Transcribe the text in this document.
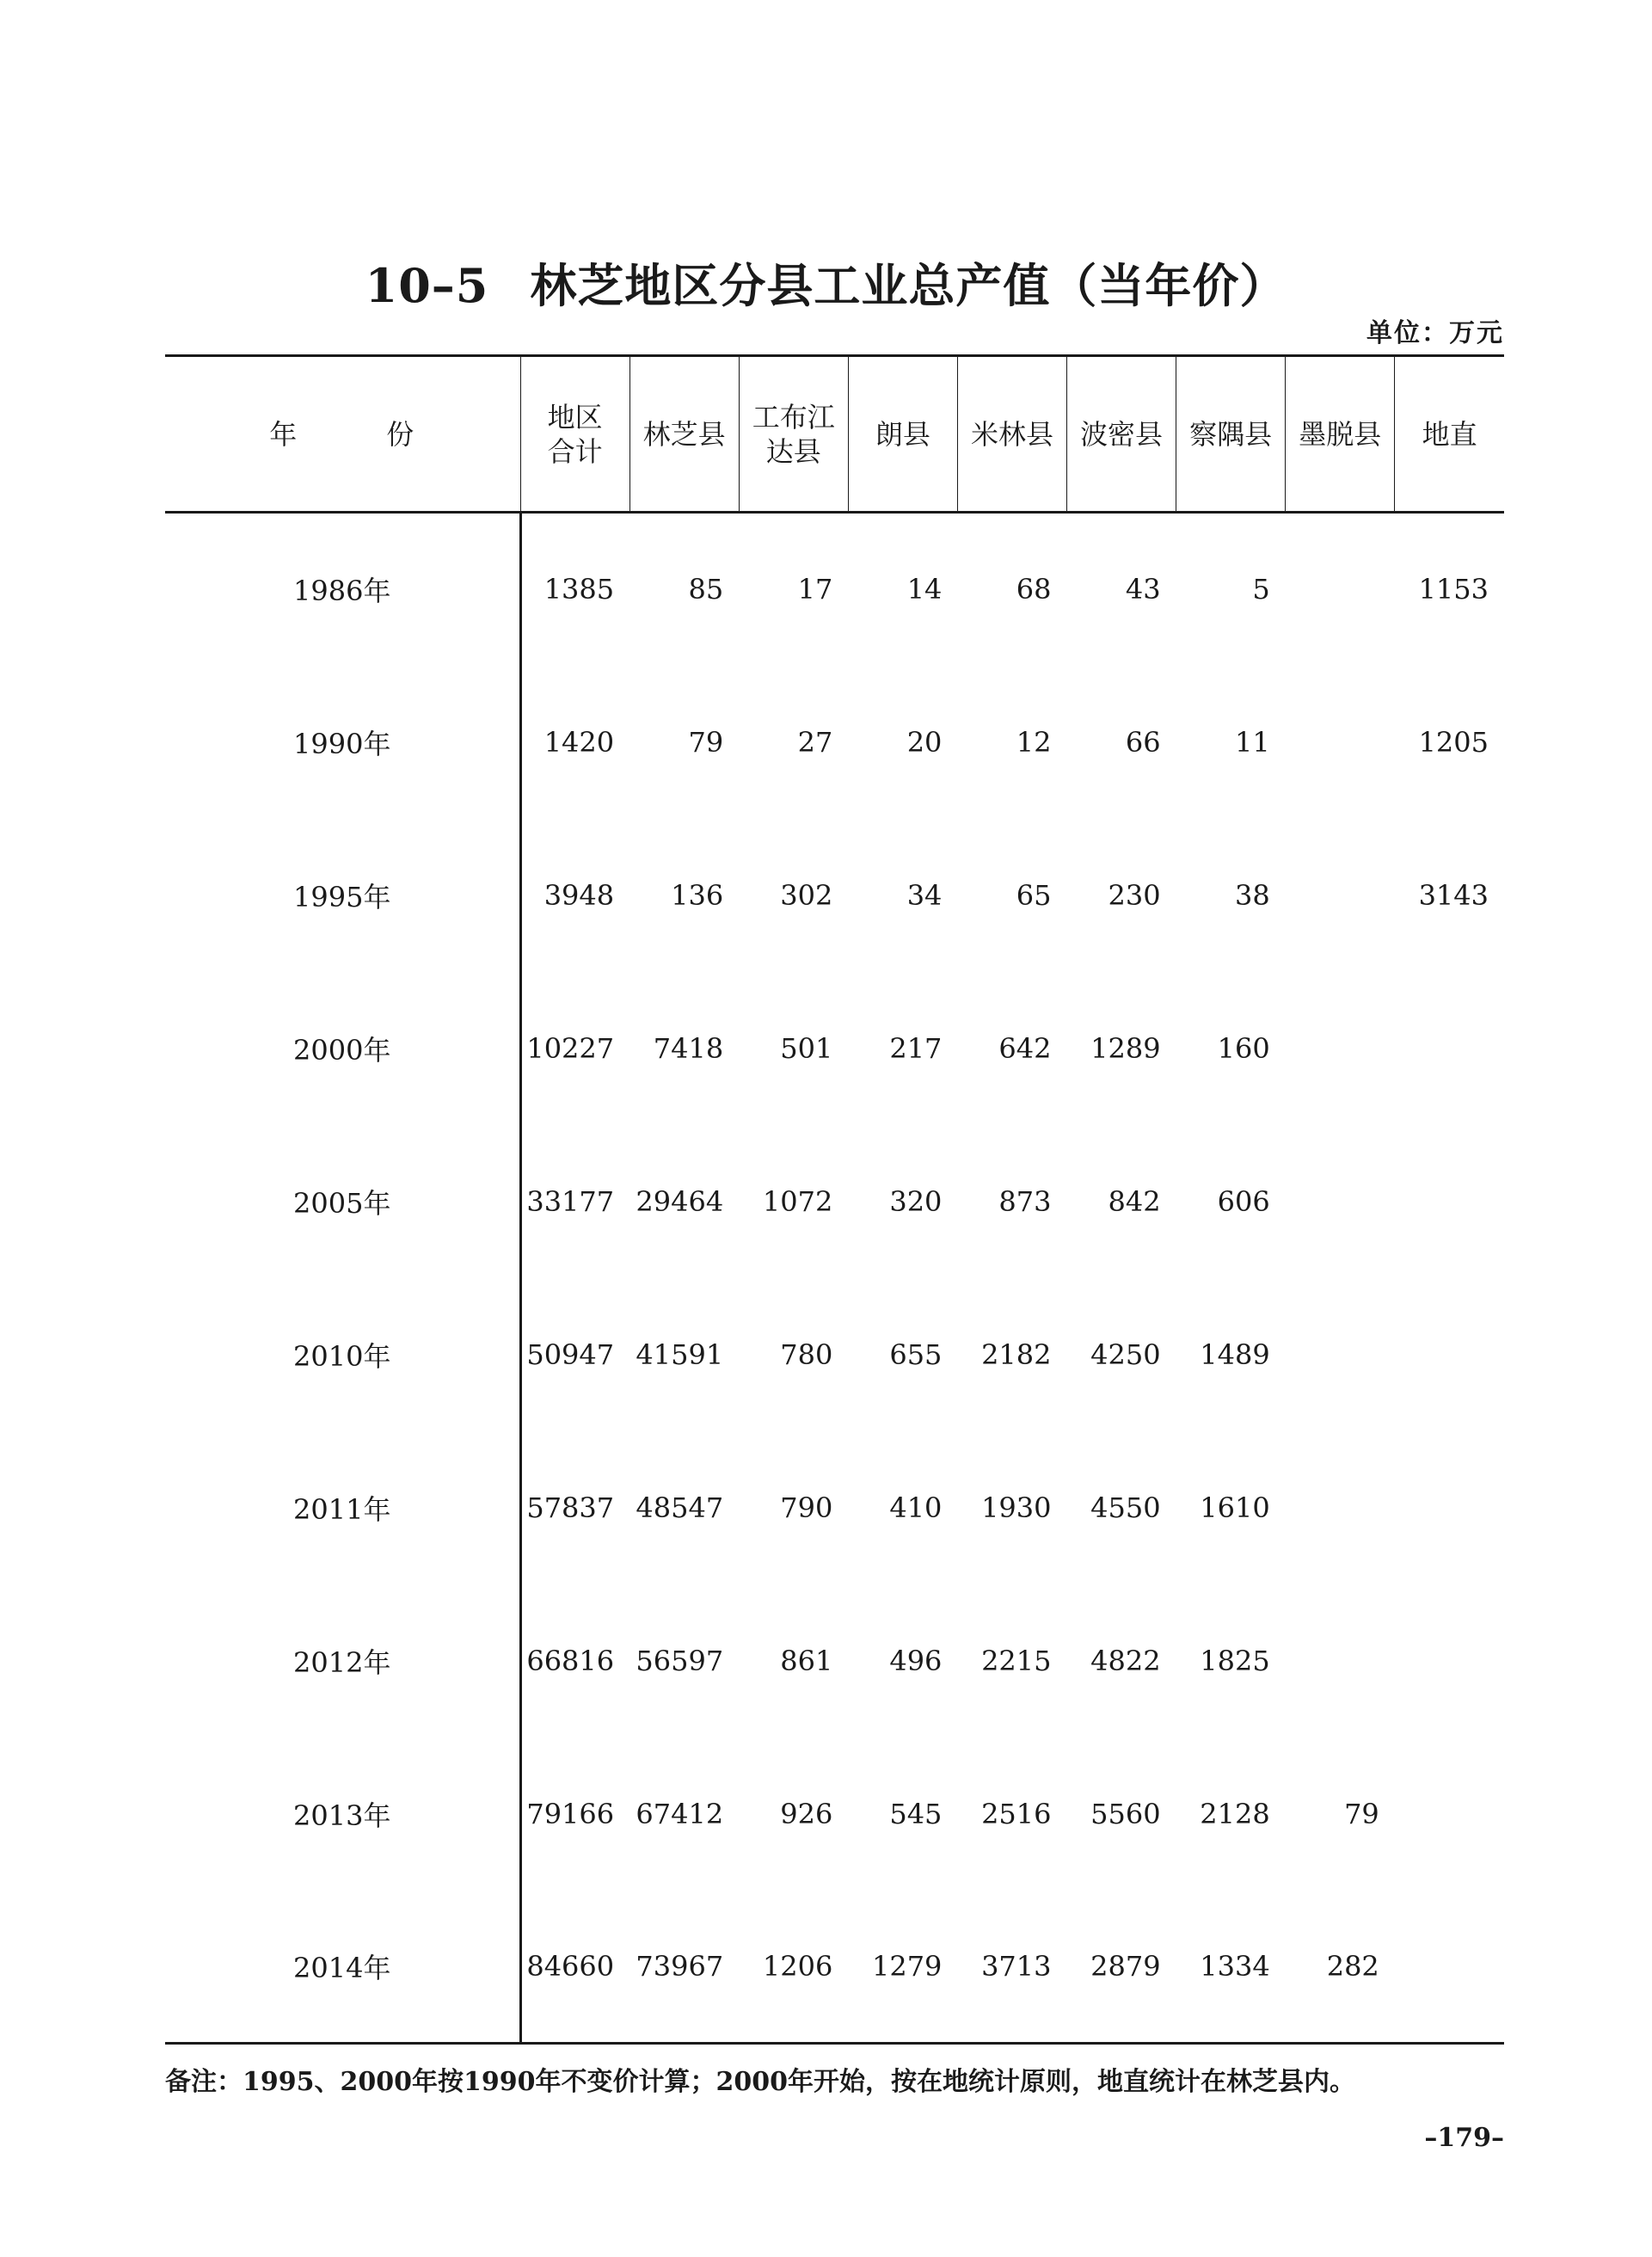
10–5 林芝地区分县工业总产值（当年价）
单位：万元
年　份	地区合计	林芝县	工布江达县	朗县	米林县	波密县	察隅县	墨脱县	地直
1986年	1385	85	17	14	68	43	5		1153
1990年	1420	79	27	20	12	66	11		1205
1995年	3948	136	302	34	65	230	38		3143
2000年	10227	7418	501	217	642	1289	160		
2005年	33177	29464	1072	320	873	842	606		
2010年	50947	41591	780	655	2182	4250	1489		
2011年	57837	48547	790	410	1930	4550	1610		
2012年	66816	56597	861	496	2215	4822	1825		
2013年	79166	67412	926	545	2516	5560	2128	79	
2014年	84660	73967	1206	1279	3713	2879	1334	282	
备注：1995、2000年按1990年不变价计算；2000年开始，按在地统计原则，地直统计在林芝县内。
–179–
